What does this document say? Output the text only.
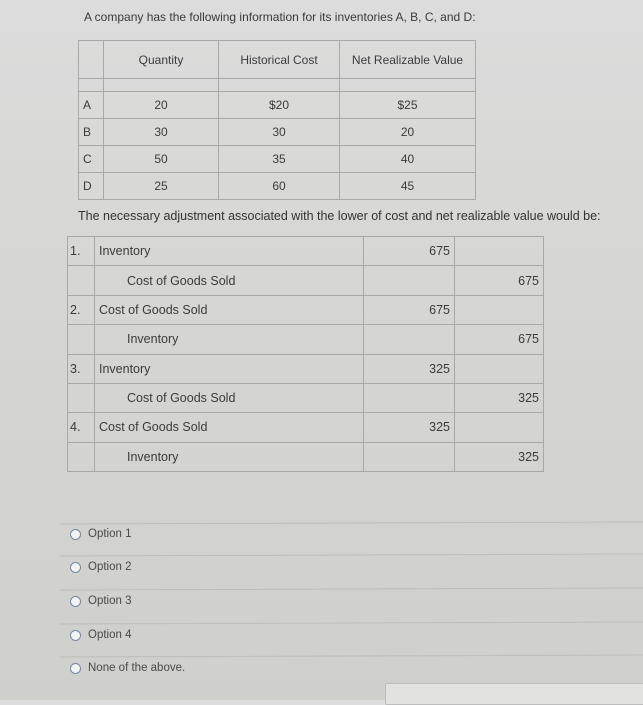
A company has the following information for its inventories A, B, C, and D:
	Quantity	Historical Cost	Net Realizable Value

A	20	$20	$25
B	30	30	20
C	50	35	40
D	25	60	45
The necessary adjustment associated with the lower of cost and net realizable value would be:
1.	Inventory	675	
	Cost of Goods Sold		675
2.	Cost of Goods Sold	675	
	Inventory		675
3.	Inventory	325	
	Cost of Goods Sold		325
4.	Cost of Goods Sold	325	
	Inventory		325
Option 1
Option 2
Option 3
Option 4
None of the above.
